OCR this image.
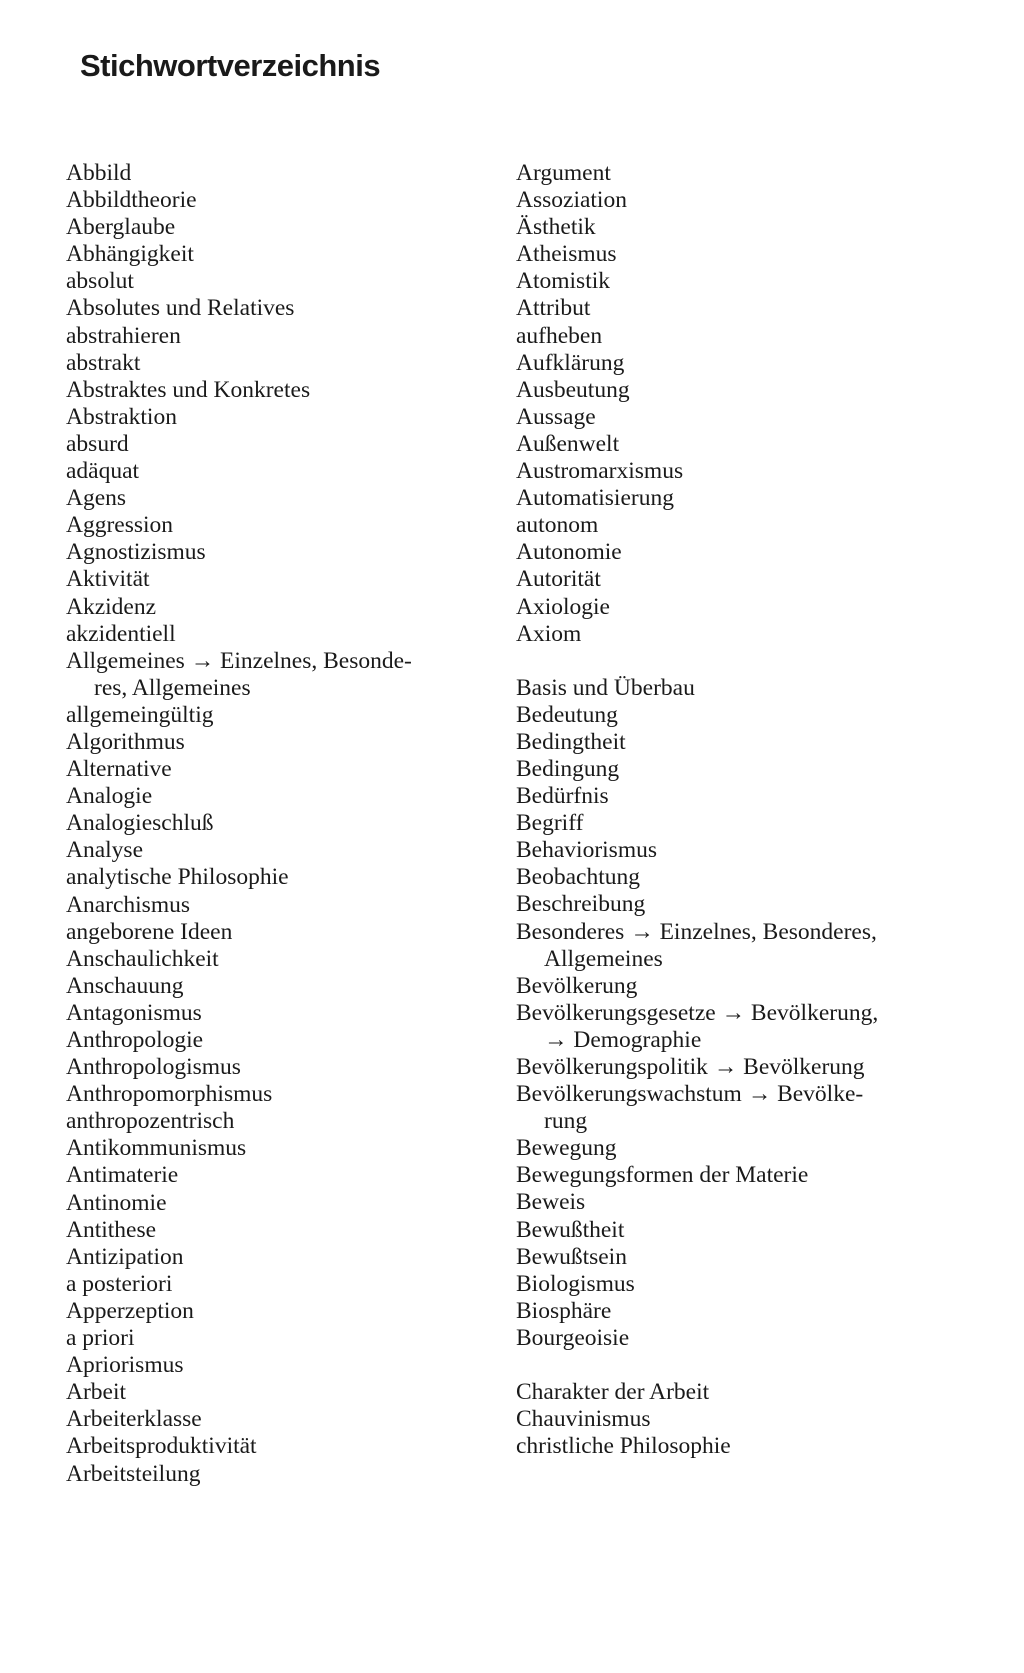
Stichwortverzeichnis
Abbild
Abbildtheorie
Aberglaube
Abhängigkeit
absolut
Absolutes und Relatives
abstrahieren
abstrakt
Abstraktes und Konkretes
Abstraktion
absurd
adäquat
Agens
Aggression
Agnostizismus
Aktivität
Akzidenz
akzidentiell
Allgemeines → Einzelnes, Besonde-
res, Allgemeines
allgemeingültig
Algorithmus
Alternative
Analogie
Analogieschluß
Analyse
analytische Philosophie
Anarchismus
angeborene Ideen
Anschaulichkeit
Anschauung
Antagonismus
Anthropologie
Anthropologismus
Anthropomorphismus
anthropozentrisch
Antikommunismus
Antimaterie
Antinomie
Antithese
Antizipation
a posteriori
Apperzeption
a priori
Apriorismus
Arbeit
Arbeiterklasse
Arbeitsproduktivität
Arbeitsteilung
Argument
Assoziation
Ästhetik
Atheismus
Atomistik
Attribut
aufheben
Aufklärung
Ausbeutung
Aussage
Außenwelt
Austromarxismus
Automatisierung
autonom
Autonomie
Autorität
Axiologie
Axiom
Basis und Überbau
Bedeutung
Bedingtheit
Bedingung
Bedürfnis
Begriff
Behaviorismus
Beobachtung
Beschreibung
Besonderes → Einzelnes, Besonderes,
Allgemeines
Bevölkerung
Bevölkerungsgesetze → Bevölkerung,
→ Demographie
Bevölkerungspolitik → Bevölkerung
Bevölkerungswachstum → Bevölke-
rung
Bewegung
Bewegungsformen der Materie
Beweis
Bewußtheit
Bewußtsein
Biologismus
Biosphäre
Bourgeoisie
Charakter der Arbeit
Chauvinismus
christliche Philosophie
